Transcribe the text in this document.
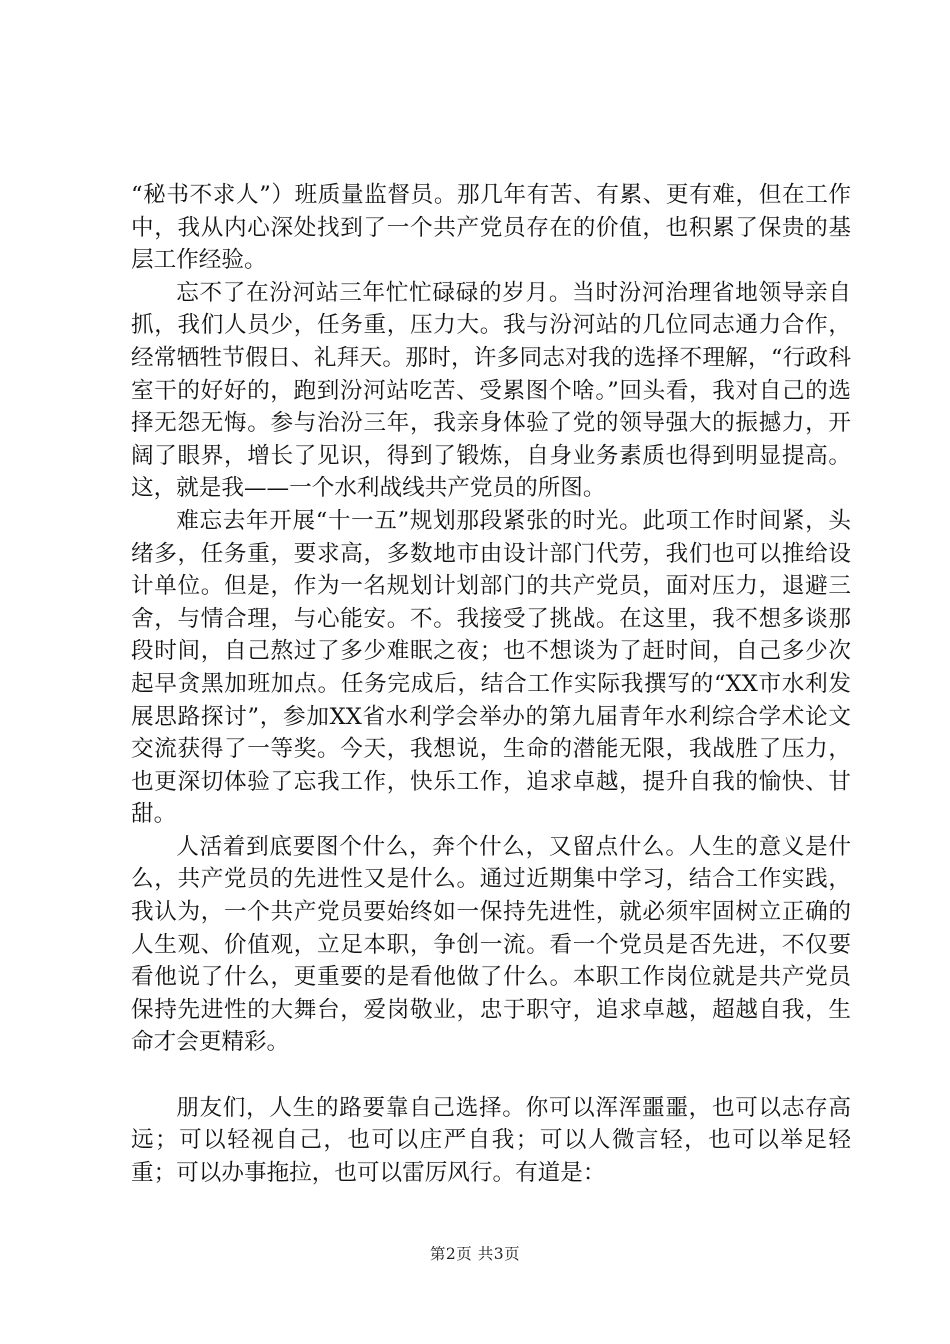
“秘书不求人”）班质量监督员。那几年有苦、有累、更有难，但在工作中，我从内心深处找到了一个共产党员存在的价值，也积累了保贵的基层工作经验。

忘不了在汾河站三年忙忙碌碌的岁月。当时汾河治理省地领导亲自抓，我们人员少，任务重，压力大。我与汾河站的几位同志通力合作，经常牺牲节假日、礼拜天。那时，许多同志对我的选择不理解，“行政科室干的好好的，跑到汾河站吃苦、受累图个啥。”回头看，我对自己的选择无怨无悔。参与治汾三年，我亲身体验了党的领导强大的振撼力，开阔了眼界，增长了见识，得到了锻炼，自身业务素质也得到明显提高。这，就是我——一个水利战线共产党员的所图。

难忘去年开展“十一五”规划那段紧张的时光。此项工作时间紧，头绪多，任务重，要求高，多数地市由设计部门代劳，我们也可以推给设计单位。但是，作为一名规划计划部门的共产党员，面对压力，退避三舍，与情合理，与心能安。不。我接受了挑战。在这里，我不想多谈那段时间，自己熬过了多少难眠之夜；也不想谈为了赶时间，自己多少次起早贪黑加班加点。任务完成后，结合工作实际我撰写的“XX市水利发展思路探讨”，参加XX省水利学会举办的第九届青年水利综合学术论文交流获得了一等奖。今天，我想说，生命的潜能无限，我战胜了压力，也更深切体验了忘我工作，快乐工作，追求卓越，提升自我的愉快、甘甜。

人活着到底要图个什么，奔个什么，又留点什么。人生的意义是什么，共产党员的先进性又是什么。通过近期集中学习，结合工作实践，我认为，一个共产党员要始终如一保持先进性，就必须牢固树立正确的人生观、价值观，立足本职，争创一流。看一个党员是否先进，不仅要看他说了什么，更重要的是看他做了什么。本职工作岗位就是共产党员保持先进性的大舞台，爱岗敬业，忠于职守，追求卓越，超越自我，生命才会更精彩。

朋友们，人生的路要靠自己选择。你可以浑浑噩噩，也可以志存高远；可以轻视自己，也可以庄严自我；可以人微言轻，也可以举足轻重；可以办事拖拉，也可以雷厉风行。有道是：

第2页 共3页
